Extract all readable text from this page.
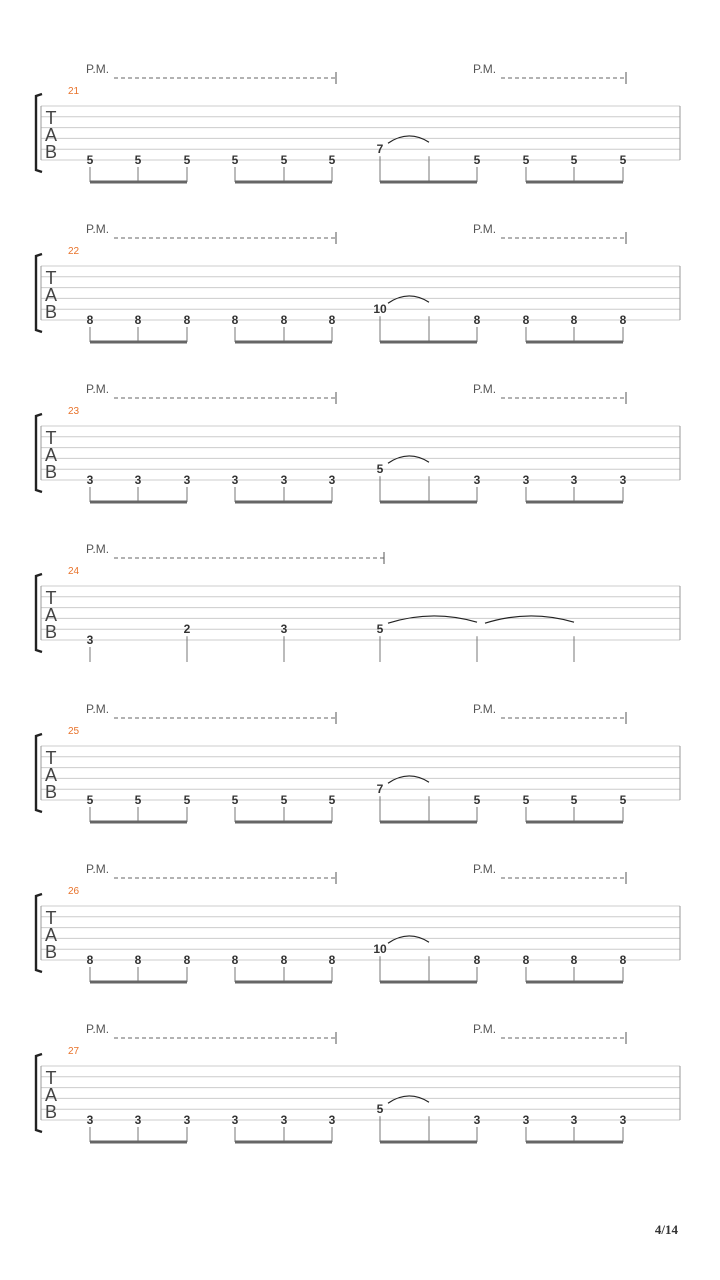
P.M.	P.M.
21
T
A
B 5	5	5	5	5	5
7
5	5	5	5
P.M.	P.M.
22
T
A
B 8	8	8	8	8	8
10
8	8	8	8
P.M.	P.M.
23
T
A
B 3	3	3	3	3	3
5
3	3	3	3
P.M.
24
T
A
B 3
2	3	5
P.M.	P.M.
25
T
A
B 5	5	5	5	5	5
7
5	5	5	5
P.M.	P.M.
26
T
A
B 8	8	8	8	8	8
10
8	8	8	8
P.M.	P.M.
27
T
A
B 3	3	3	3	3	3
5
3	3	3	3
4/14
